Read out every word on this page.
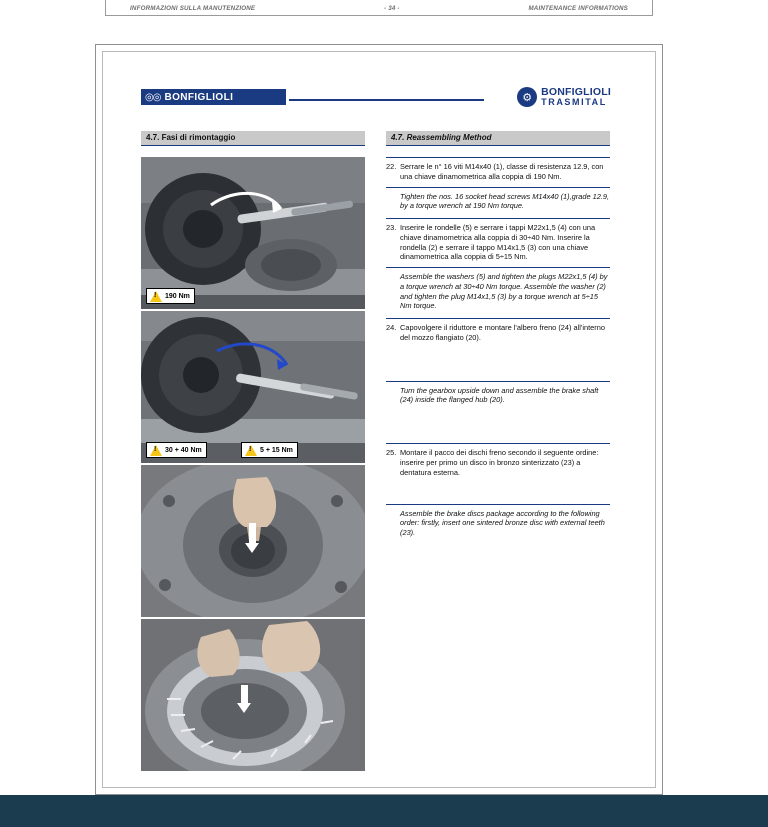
INFORMAZIONI SULLA MANUTENZIONE	- 34 -	MAINTENANCE INFORMATIONS
◎◎ BONFIGLIOLI	⚙ BONFIGLIOLI
TRASMITAL
4.7. Fasi di rimontaggio	4.7. Reassembling Method
!
190 Nm
!
30 + 40 Nm !	5 + 15 Nm
22. Serrare le n° 16 viti M14x40 (1), classe di resistenza 12.9, con una chiave dinamometrica alla coppia di 190 Nm.
Tighten the nos. 16 socket head screws M14x40 (1),grade 12.9, by a torque wrench at 190 Nm torque.
23. Inserire le rondelle (5) e serrare i tappi M22x1,5 (4) con una chiave dinamometrica alla coppia di 30÷40 Nm. Inserire la rondella (2) e serrare il tappo M14x1,5 (3) con una chiave dinamometrica alla coppia di 5÷15 Nm.
Assemble the washers (5) and tighten the plugs M22x1,5 (4) by a torque wrench at 30÷40 Nm torque. Assemble the washer (2) and tighten the plug M14x1,5 (3) by a torque wrench at 5÷15 Nm torque.
24. Capovolgere il riduttore e montare l'albero freno (24) all'interno del mozzo flangiato (20).
Turn the gearbox upside down and assemble the brake shaft (24) inside the flanged hub (20).
25. Montare il pacco dei dischi freno secondo il seguente ordine: inserire per primo un disco in bronzo sinterizzato (23) a dentatura esterna.
Assemble the brake discs package according to the following order: firstly, insert one sintered bronze disc with external teeth (23).
